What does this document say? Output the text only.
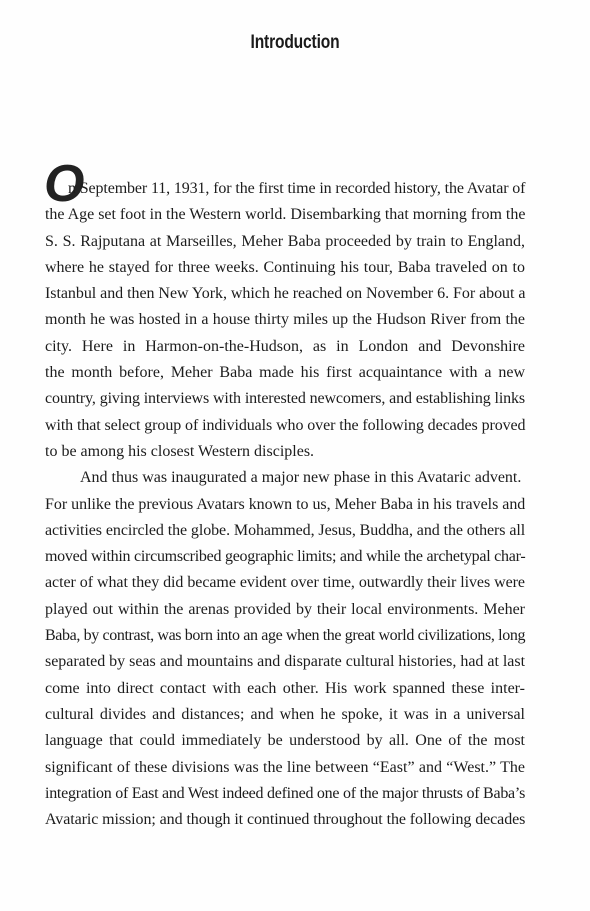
Introduction
O
n September 11, 1931, for the first time in recorded history, the Avatar of
the Age set foot in the Western world. Disembarking that morning from the
S. S. Rajputana at Marseilles, Meher Baba proceeded by train to England,
where he stayed for three weeks. Continuing his tour, Baba traveled on to
Istanbul and then New York, which he reached on November 6. For about a
month he was hosted in a house thirty miles up the Hudson River from the
city. Here in Harmon-on-the-Hudson, as in London and Devonshire
the month before, Meher Baba made his first acquaintance with a new
country, giving interviews with interested newcomers, and establishing links
with that select group of individuals who over the following decades proved
to be among his closest Western disciples.
And thus was inaugurated a major new phase in this Avataric advent.
For unlike the previous Avatars known to us, Meher Baba in his travels and
activities encircled the globe. Mohammed, Jesus, Buddha, and the others all
moved within circumscribed geographic limits; and while the archetypal char-
acter of what they did became evident over time, outwardly their lives were
played out within the arenas provided by their local environments. Meher
Baba, by contrast, was born into an age when the great world civilizations, long
separated by seas and mountains and disparate cultural histories, had at last
come into direct contact with each other. His work spanned these inter-
cultural divides and distances; and when he spoke, it was in a universal
language that could immediately be understood by all. One of the most
significant of these divisions was the line between “East” and “West.” The
integration of East and West indeed defined one of the major thrusts of Baba’s
Avataric mission; and though it continued throughout the following decades
